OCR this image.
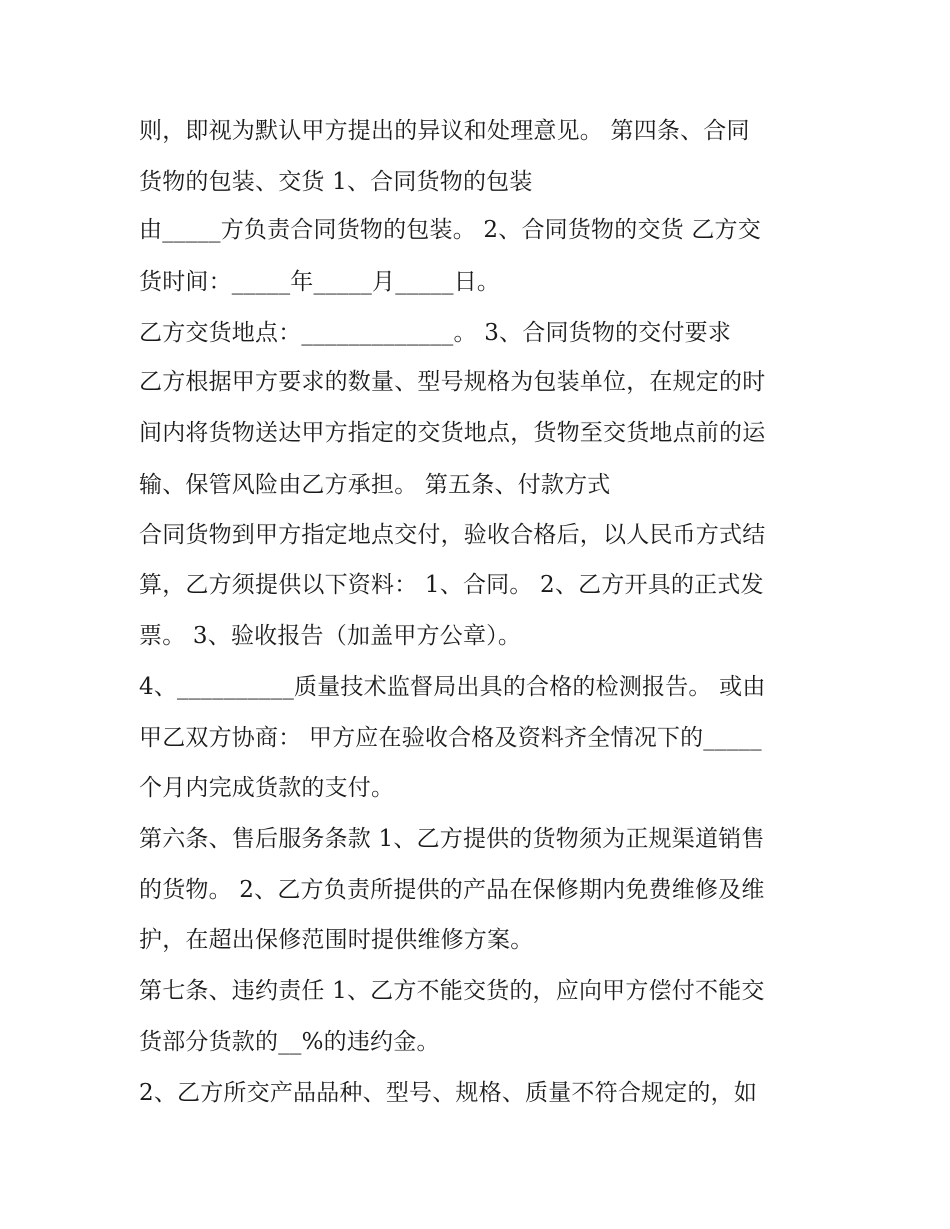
则，即视为默认甲方提出的异议和处理意见。 第四条、合同
货物的包装、交货 1、合同货物的包装
由_____方负责合同货物的包装。 2、合同货物的交货 乙方交
货时间：_____年_____月_____日。
乙方交货地点：_____________。 3、合同货物的交付要求
乙方根据甲方要求的数量、型号规格为包装单位，在规定的时
间内将货物送达甲方指定的交货地点，货物至交货地点前的运
输、保管风险由乙方承担。 第五条、付款方式
合同货物到甲方指定地点交付，验收合格后，以人民币方式结
算，乙方须提供以下资料： 1、合同。 2、乙方开具的正式发
票。 3、验收报告（加盖甲方公章）。
4、__________质量技术监督局出具的合格的检测报告。 或由
甲乙双方协商： 甲方应在验收合格及资料齐全情况下的_____
个月内完成货款的支付。
第六条、售后服务条款 1、乙方提供的货物须为正规渠道销售
的货物。 2、乙方负责所提供的产品在保修期内免费维修及维
护，在超出保修范围时提供维修方案。
第七条、违约责任 1、乙方不能交货的，应向甲方偿付不能交
货部分货款的__%的违约金。
2、乙方所交产品品种、型号、规格、质量不符合规定的，如
